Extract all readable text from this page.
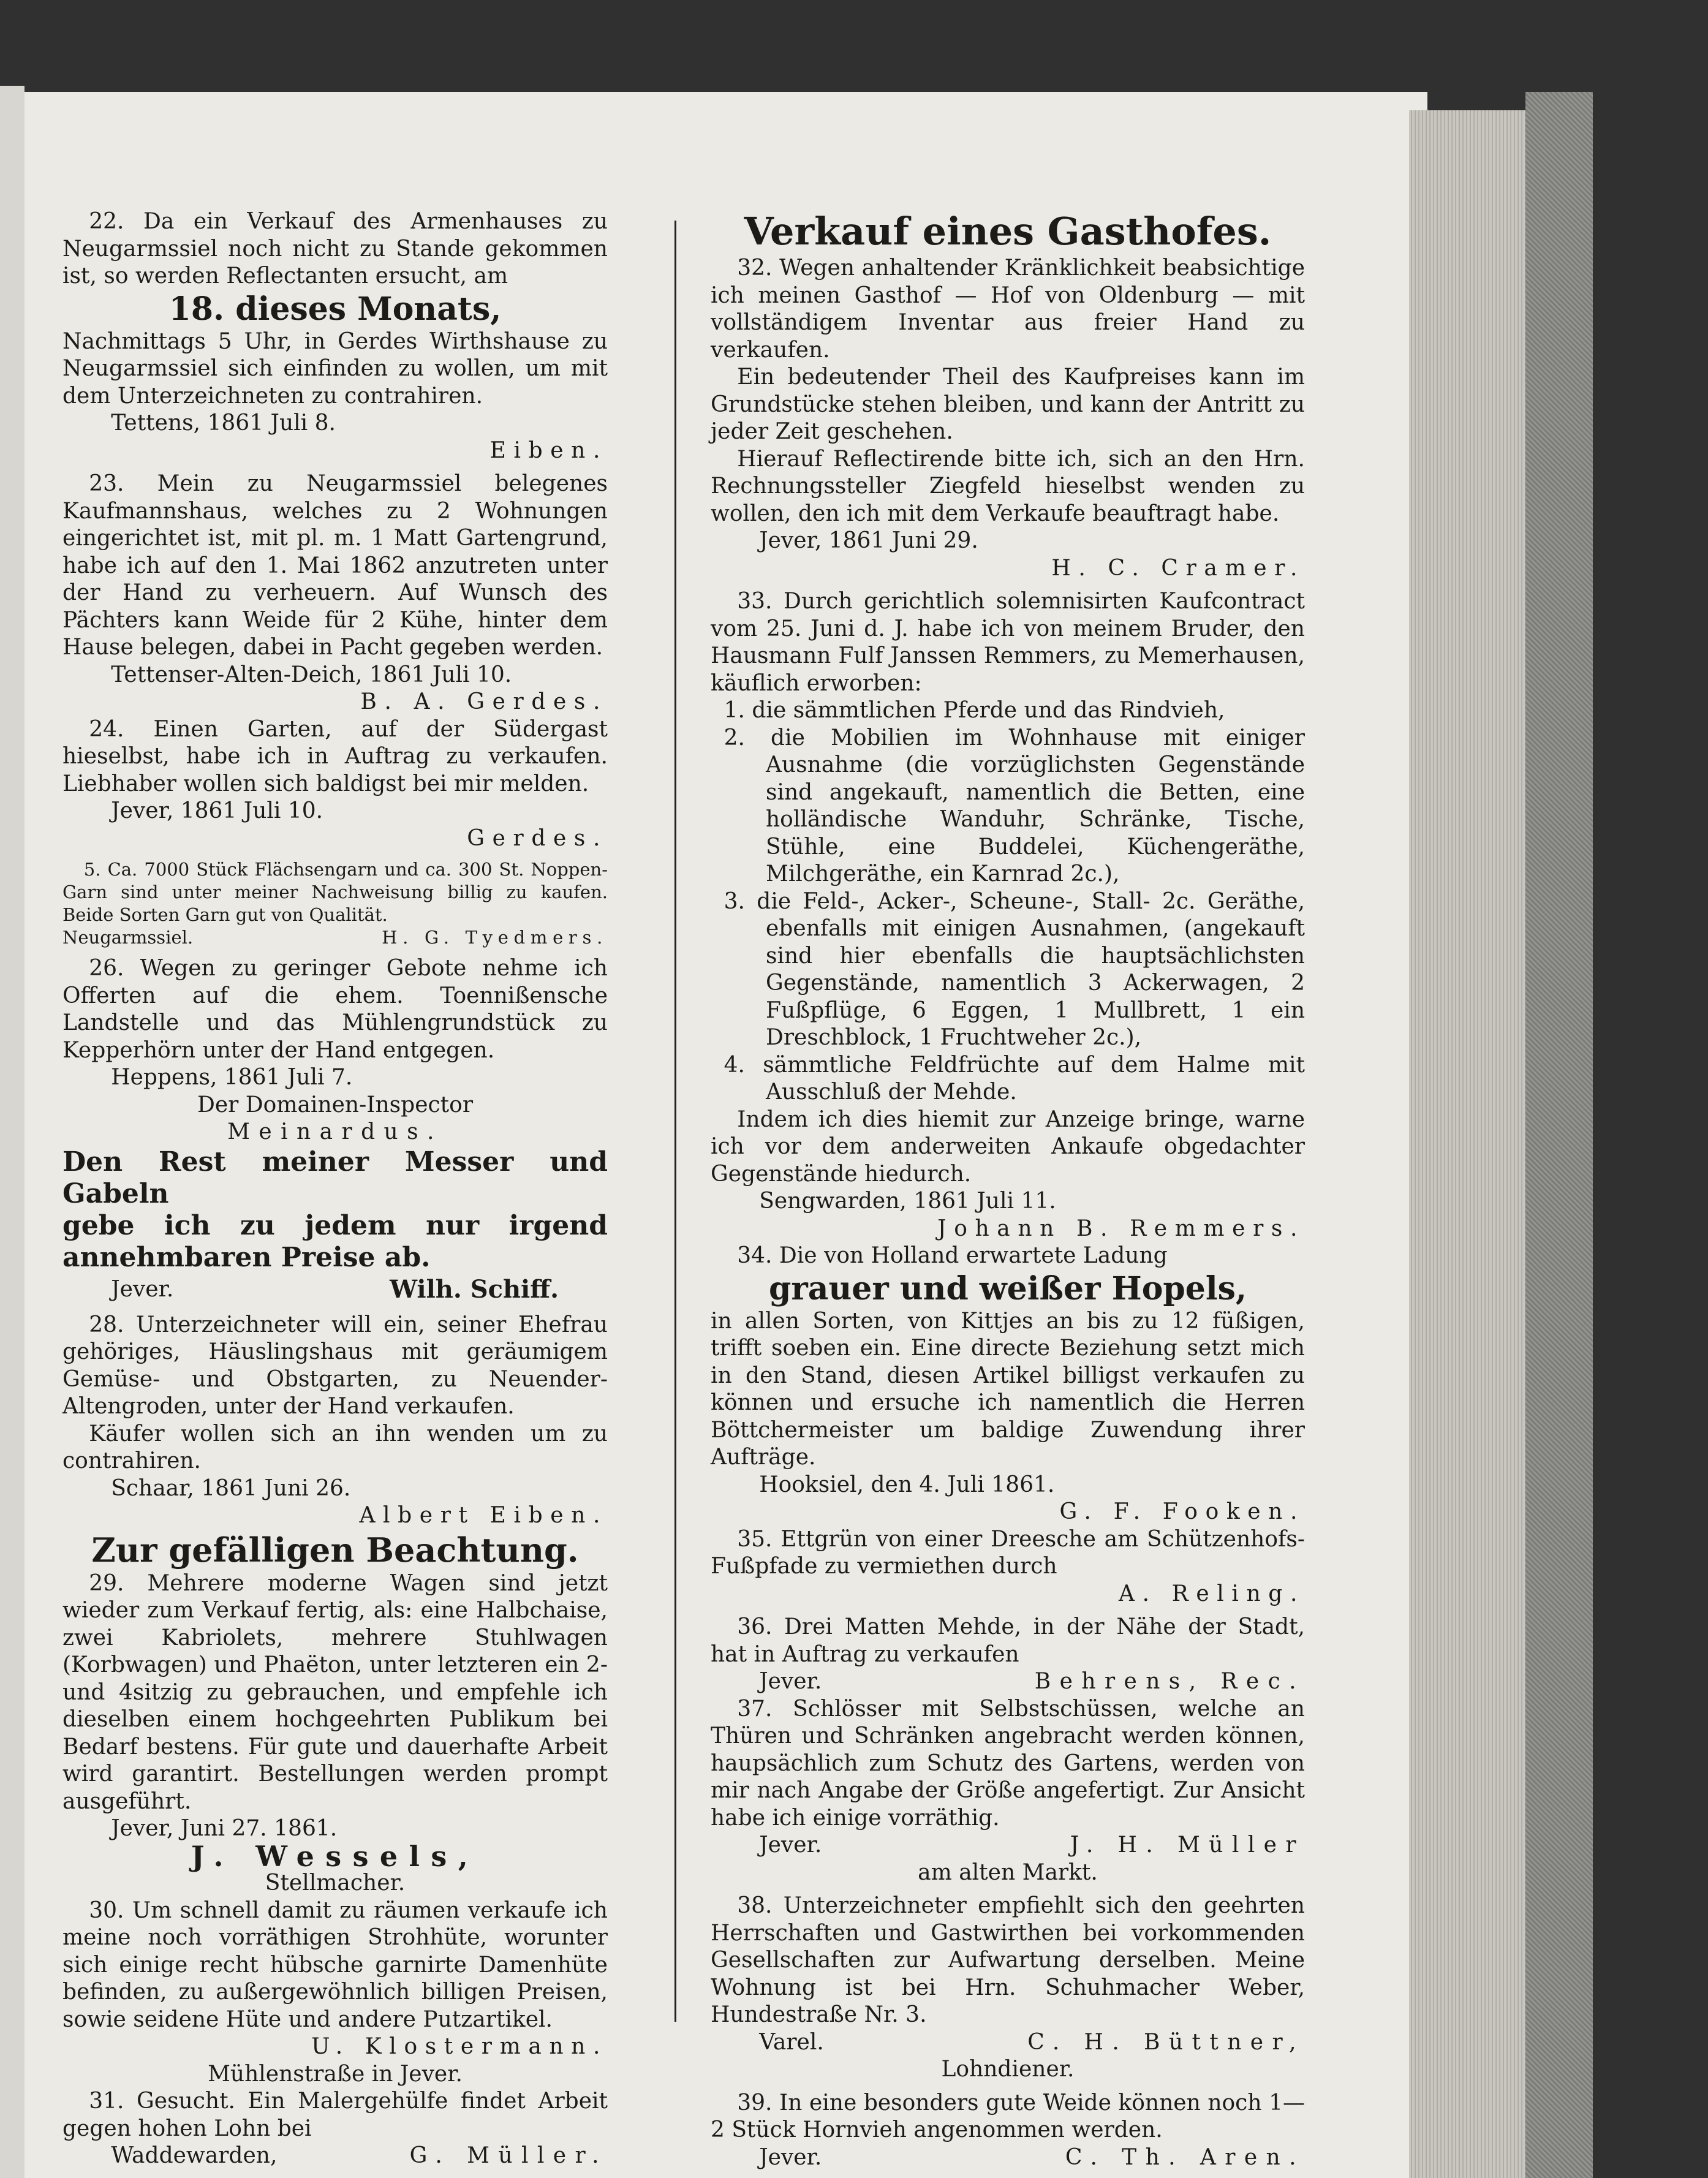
22. Da ein Verkauf des Armenhauses zu Neugarmssiel noch nicht zu Stande gekommen ist, so werden Reflectanten ersucht, am

18. dieses Monats,

Nachmittags 5 Uhr, in Gerdes Wirthshause zu Neugarmssiel sich einfinden zu wollen, um mit dem Unterzeichneten zu contrahiren.

Tettens, 1861 Juli 8.

Eiben.

23. Mein zu Neugarmssiel belegenes Kaufmannshaus, welches zu 2 Wohnungen eingerichtet ist, mit pl. m. 1 Matt Gartengrund, habe ich auf den 1. Mai 1862 anzutreten unter der Hand zu verheuern. Auf Wunsch des Pächters kann Weide für 2 Kühe, hinter dem Hause belegen, dabei in Pacht gegeben werden.

Tettenser-Alten-Deich, 1861 Juli 10.

B. A. Gerdes.

24. Einen Garten, auf der Südergast hieselbst, habe ich in Auftrag zu verkaufen. Liebhaber wollen sich baldigst bei mir melden.

Jever, 1861 Juli 10.

Gerdes.

5. Ca. 7000 Stück Flächsengarn und ca. 300 St. Noppen-Garn sind unter meiner Nachweisung billig zu kaufen. Beide Sorten Garn gut von Qualität.

Neugarmssiel.	H. G. Tyedmers.

26. Wegen zu geringer Gebote nehme ich Offerten auf die ehem. Toennißensche Landstelle und das Mühlengrundstück zu Kepperhörn unter der Hand entgegen.

Heppens, 1861 Juli 7.

Der Domainen-Inspector

Meinardus.

Den Rest meiner Messer und Gabeln

gebe ich zu jedem nur irgend annehmbaren Preise ab.

Jever.	Wilh. Schiff.

28. Unterzeichneter will ein, seiner Ehefrau gehöriges, Häuslingshaus mit geräumigem Gemüse- und Obstgarten, zu Neuender-Altengroden, unter der Hand verkaufen.

Käufer wollen sich an ihn wenden um zu contrahiren.

Schaar, 1861 Juni 26.

Albert Eiben.

Zur gefälligen Beachtung.

29. Mehrere moderne Wagen sind jetzt wieder zum Verkauf fertig, als: eine Halbchaise, zwei Kabriolets, mehrere Stuhlwagen (Korbwagen) und Phaëton, unter letzteren ein 2- und 4sitzig zu gebrauchen, und empfehle ich dieselben einem hochgeehrten Publikum bei Bedarf bestens. Für gute und dauerhafte Arbeit wird garantirt. Bestellungen werden prompt ausgeführt.

Jever, Juni 27. 1861.

J. Wessels,

Stellmacher.

30. Um schnell damit zu räumen verkaufe ich meine noch vorräthigen Strohhüte, worunter sich einige recht hübsche garnirte Damenhüte befinden, zu außergewöhnlich billigen Preisen, sowie seidene Hüte und andere Putzartikel.

U. Klostermann.

Mühlenstraße in Jever.

31. Gesucht. Ein Malergehülfe findet Arbeit gegen hohen Lohn bei

Waddewarden,	G. Müller.

Verkauf eines Gasthofes.

32. Wegen anhaltender Kränklichkeit beabsichtige ich meinen Gasthof — Hof von Oldenburg — mit vollständigem Inventar aus freier Hand zu verkaufen.

Ein bedeutender Theil des Kaufpreises kann im Grundstücke stehen bleiben, und kann der Antritt zu jeder Zeit geschehen.

Hierauf Reflectirende bitte ich, sich an den Hrn. Rechnungssteller Ziegfeld hieselbst wenden zu wollen, den ich mit dem Verkaufe beauftragt habe.

Jever, 1861 Juni 29.

H. C. Cramer.

33. Durch gerichtlich solemnisirten Kaufcontract vom 25. Juni d. J. habe ich von meinem Bruder, den Hausmann Fulf Janssen Remmers, zu Memerhausen, käuflich erworben:

1. die sämmtlichen Pferde und das Rindvieh,

2. die Mobilien im Wohnhause mit einiger Ausnahme (die vorzüglichsten Gegenstände sind angekauft, namentlich die Betten, eine holländische Wanduhr, Schränke, Tische, Stühle, eine Buddelei, Küchengeräthe, Milchgeräthe, ein Karnrad 2c.),

3. die Feld-, Acker-, Scheune-, Stall- 2c. Geräthe, ebenfalls mit einigen Ausnahmen, (angekauft sind hier ebenfalls die hauptsächlichsten Gegenstände, namentlich 3 Ackerwagen, 2 Fußpflüge, 6 Eggen, 1 Mullbrett, 1 ein Dreschblock, 1 Fruchtweher 2c.),

4. sämmtliche Feldfrüchte auf dem Halme mit Ausschluß der Mehde.

Indem ich dies hiemit zur Anzeige bringe, warne ich vor dem anderweiten Ankaufe obgedachter Gegenstände hiedurch.

Sengwarden, 1861 Juli 11.

Johann B. Remmers.

34. Die von Holland erwartete Ladung

grauer und weißer Hopels,

in allen Sorten, von Kittjes an bis zu 12 füßigen, trifft soeben ein. Eine directe Beziehung setzt mich in den Stand, diesen Artikel billigst verkaufen zu können und ersuche ich namentlich die Herren Böttchermeister um baldige Zuwendung ihrer Aufträge.

Hooksiel, den 4. Juli 1861.

G. F. Fooken.

35. Ettgrün von einer Dreesche am Schützenhofs-Fußpfade zu vermiethen durch

A. Reling.

36. Drei Matten Mehde, in der Nähe der Stadt, hat in Auftrag zu verkaufen

Jever.	Behrens, Rec.

37. Schlösser mit Selbstschüssen, welche an Thüren und Schränken angebracht werden können, haupsächlich zum Schutz des Gartens, werden von mir nach Angabe der Größe angefertigt. Zur Ansicht habe ich einige vorräthig.

Jever.	J. H. Müller

am alten Markt.

38. Unterzeichneter empfiehlt sich den geehrten Herrschaften und Gastwirthen bei vorkommenden Gesellschaften zur Aufwartung derselben. Meine Wohnung ist bei Hrn. Schuhmacher Weber, Hundestraße Nr. 3.

Varel.	C. H. Büttner,

Lohndiener.

39. In eine besonders gute Weide können noch 1—2 Stück Hornvieh angenommen werden.

Jever.	C. Th. Aren.
